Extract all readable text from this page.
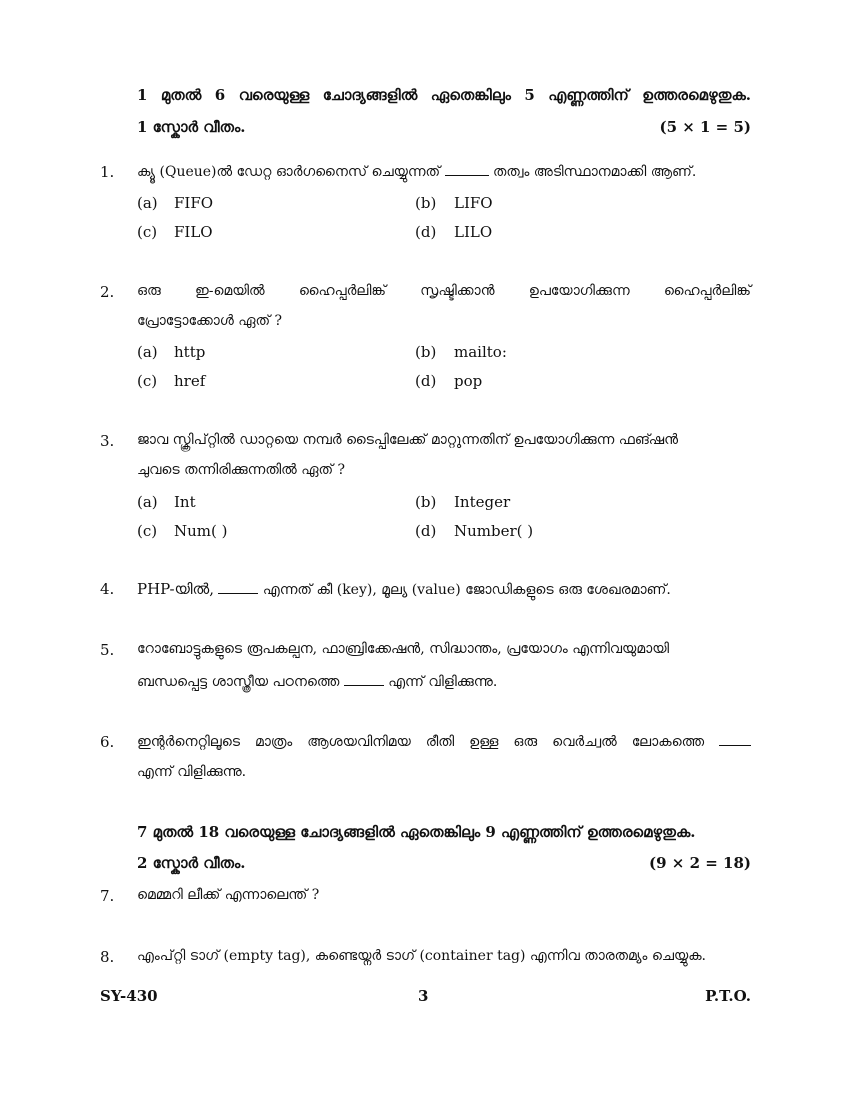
1 മുതൽ 6 വരെയുള്ള ചോദ്യങ്ങളിൽ ഏതെങ്കിലും 5 എണ്ണത്തിന് ഉത്തരമെഴുതുക.
1 സ്കോർ വീതം.	(5 × 1 = 5)
1. ക്യൂ (Queue)ൽ ഡേറ്റ ഓർഗനൈസ് ചെയ്യുന്നത്	തത്വം അടിസ്ഥാനമാക്കി ആണ്.
(a) FIFO	(b) LIFO
(c) FILO	(d) LILO
2. ഒരു ഇ-മെയിൽ ഹൈപ്പർലിങ്ക് സൃഷ്ടിക്കാൻ ഉപയോഗിക്കുന്ന ഹൈപ്പർലിങ്ക്
പ്രോട്ടോക്കോൾ ഏത് ?
(a) http	(b) mailto:
(c) href	(d) pop
3. ജാവ സ്ക്രിപ്റ്റിൽ ഡാറ്റയെ നമ്പർ ടൈപ്പിലേക്ക് മാറ്റുന്നതിന് ഉപയോഗിക്കുന്ന ഫങ്ഷൻ
ചുവടെ തന്നിരിക്കുന്നതിൽ ഏത് ?
(a) Int	(b) Integer
(c) Num( )	(d) Number( )
4. PHP-യിൽ,	എന്നത് കീ (key), മൂല്യ (value) ജോഡികളുടെ ഒരു ശേഖരമാണ്.
5. റോബോട്ടുകളുടെ രൂപകല്പന, ഫാബ്രിക്കേഷൻ, സിദ്ധാന്തം, പ്രയോഗം എന്നിവയുമായി
ബന്ധപ്പെട്ട ശാസ്ത്രീയ പഠനത്തെ	എന്ന് വിളിക്കുന്നു.
6. ഇന്റർനെറ്റിലൂടെ മാത്രം ആശയവിനിമയ രീതി ഉള്ള ഒരു വെർച്വൽ ലോകത്തെ
എന്ന് വിളിക്കുന്നു.
7 മുതൽ 18 വരെയുള്ള ചോദ്യങ്ങളിൽ ഏതെങ്കിലും 9 എണ്ണത്തിന് ഉത്തരമെഴുതുക.
2 സ്കോർ വീതം.	(9 × 2 = 18)
7. മെമ്മറി ലീക്ക് എന്നാലെന്ത് ?
8. എംപ്റ്റി ടാഗ് (empty tag), കണ്ടെയ്നർ ടാഗ് (container tag) എന്നിവ താരതമ്യം ചെയ്യുക.
SY-430	3	P.T.O.
